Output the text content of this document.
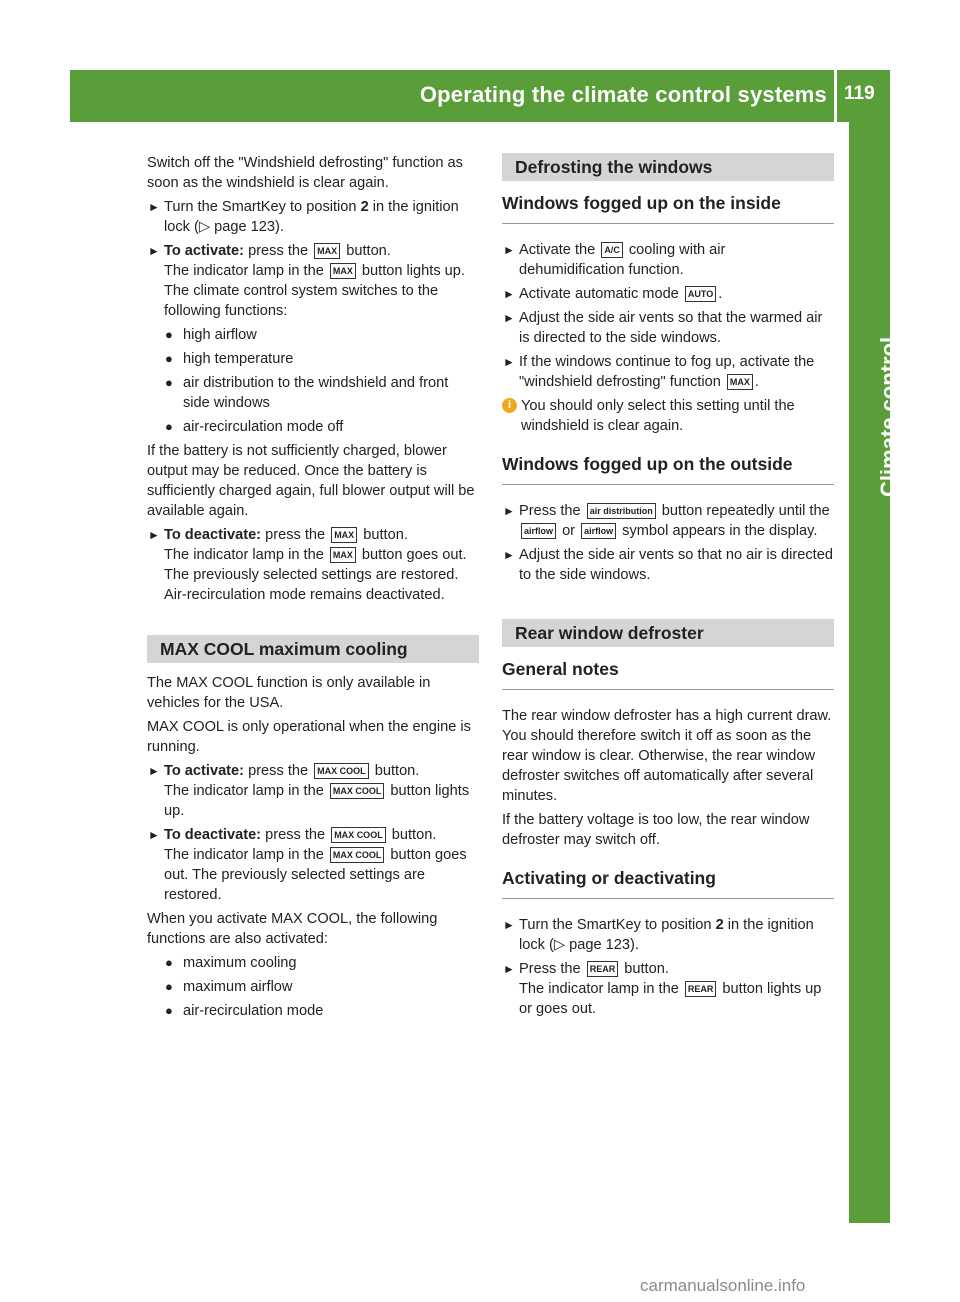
Operating the climate control systems 119
Climate control

Switch off the "Windshield defrosting" function as soon as the windshield is clear again.

► Turn the SmartKey to position 2 in the ignition lock (▷ page 123).
► To activate: press the MAX button.
The indicator lamp in the MAX button lights up.
The climate control system switches to the following functions:
● high airflow
● high temperature
● air distribution to the windshield and front side windows
● air-recirculation mode off

If the battery is not sufficiently charged, blower output may be reduced. Once the battery is sufficiently charged again, full blower output will be available again.

► To deactivate: press the MAX button.
The indicator lamp in the MAX button goes out. The previously selected settings are restored. Air-recirculation mode remains deactivated.
MAX COOL maximum cooling

The MAX COOL function is only available in vehicles for the USA.

MAX COOL is only operational when the engine is running.

► To activate: press the MAX COOL button.
The indicator lamp in the MAX COOL button lights up.
► To deactivate: press the MAX COOL button.
The indicator lamp in the MAX COOL button goes out. The previously selected settings are restored.

When you activate MAX COOL, the following functions are also activated:

● maximum cooling
● maximum airflow
● air-recirculation mode
Defrosting the windows
Windows fogged up on the inside
► Activate the A/C cooling with air dehumidification function.
► Activate automatic mode AUTO .
► Adjust the side air vents so that the warmed air is directed to the side windows.
► If the windows continue to fog up, activate the "windshield defrosting" function MAX .
i You should only select this setting until the windshield is clear again.
Windows fogged up on the outside
► Press the air distribution button repeatedly until the airflow or airflow symbol appears in the display.
► Adjust the side air vents so that no air is directed to the side windows.
Rear window defroster
General notes

The rear window defroster has a high current draw. You should therefore switch it off as soon as the rear window is clear. Otherwise, the rear window defroster switches off automatically after several minutes.

If the battery voltage is too low, the rear window defroster may switch off.

Activating or deactivating
► Turn the SmartKey to position 2 in the ignition lock (▷ page 123).
► Press the REAR button.
The indicator lamp in the REAR button lights up or goes out.
carmanualsonline.info
